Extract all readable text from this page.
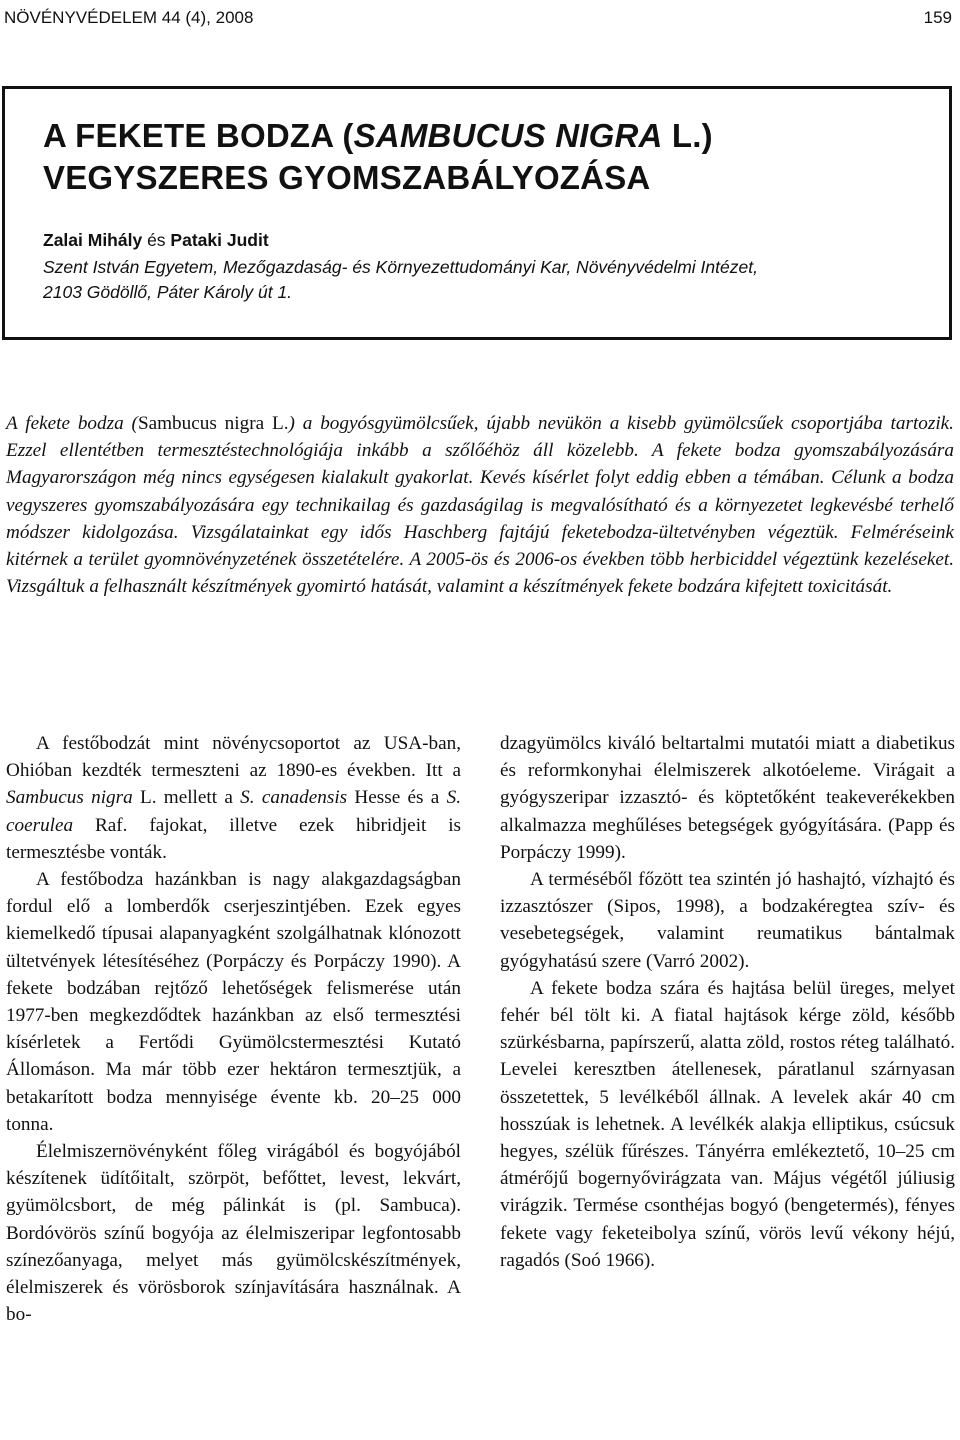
NÖVÉNYVÉDELEM 44 (4), 2008	159
A FEKETE BODZA (SAMBUCUS NIGRA L.) VEGYSZERES GYOMSZABÁLYOZÁSA
Zalai Mihály és Pataki Judit
Szent István Egyetem, Mezőgazdaság- és Környezettudományi Kar, Növényvédelmi Intézet,
2103 Gödöllő, Páter Károly út 1.

A fekete bodza (Sambucus nigra L.) a bogyósgyümölcsűek, újabb nevükön a kisebb gyümölcsűek csoportjába tartozik. Ezzel ellentétben termesztéstechnológiája inkább a szőlőéhöz áll közelebb. A fekete bodza gyomszabályozására Magyarországon még nincs egységesen kialakult gyakorlat. Kevés kísérlet folyt eddig ebben a témában. Célunk a bodza vegyszeres gyomszabályozására egy technikailag és gazdaságilag is megvalósítható és a környezetet legkevésbé terhelő módszer kidolgozása. Vizsgálatainkat egy idős Haschberg fajtájú feketebodza-ültetvényben végeztük. Felméréseink kitérnek a terület gyomnövényzetének összetételére. A 2005-ös és 2006-os években több herbiciddel végeztünk kezeléseket. Vizsgáltuk a felhasznált készítmények gyomirtó hatását, valamint a készítmények fekete bodzára kifejtett toxicitását.

A festőbodzát mint növénycsoportot az USA-ban, Ohióban kezdték termeszteni az 1890-es években. Itt a Sambucus nigra L. mellett a S. canadensis Hesse és a S. coerulea Raf. fajokat, illetve ezek hibridjeit is termesztésbe vonták.

A festőbodza hazánkban is nagy alakgazdagságban fordul elő a lomberdők cserjeszintjében. Ezek egyes kiemelkedő típusai alapanyagként szolgálhatnak klónozott ültetvények létesítéséhez (Porpáczy és Porpáczy 1990). A fekete bodzában rejtőző lehetőségek felismerése után 1977-ben megkezdődtek hazánkban az első termesztési kísérletek a Fertődi Gyümölcstermesztési Kutató Állomáson. Ma már több ezer hektáron termesztjük, a betakarított bodza mennyisége évente kb. 20–25 000 tonna.

Élelmiszernövényként főleg virágából és bogyójából készítenek üdítőitalt, szörpöt, befőttet, levest, lekvárt, gyümölcsbort, de még pálinkát is (pl. Sambuca). Bordóvörös színű bogyója az élelmiszeripar legfontosabb színezőanyaga, melyet más gyümölcskészítmények, élelmiszerek és vörösborok színjavítására használnak. A bo-

dzagyümölcs kiváló beltartalmi mutatói miatt a diabetikus és reformkonyhai élelmiszerek alkotóeleme. Virágait a gyógyszeripar izzasztó- és köptetőként teakeverékekben alkalmazza meghűléses betegségek gyógyítására. (Papp és Porpáczy 1999).

A terméséből főzött tea szintén jó hashajtó, vízhajtó és izzasztószer (Sipos, 1998), a bodzakéregtea szív- és vesebetegségek, valamint reumatikus bántalmak gyógyhatású szere (Varró 2002).

A fekete bodza szára és hajtása belül üreges, melyet fehér bél tölt ki. A fiatal hajtások kérge zöld, később szürkésbarna, papírszerű, alatta zöld, rostos réteg található. Levelei keresztben átellenesek, páratlanul szárnyasan összetettek, 5 levélkéből állnak. A levelek akár 40 cm hosszúak is lehetnek. A levélkék alakja elliptikus, csúcsuk hegyes, szélük fűrészes. Tányérra emlékeztető, 10–25 cm átmérőjű bogernyővirágzata van. Május végétől júliusig virágzik. Termése csonthéjas bogyó (bengetermés), fényes fekete vagy feketeibolya színű, vörös levű vékony héjú, ragadós (Soó 1966).
